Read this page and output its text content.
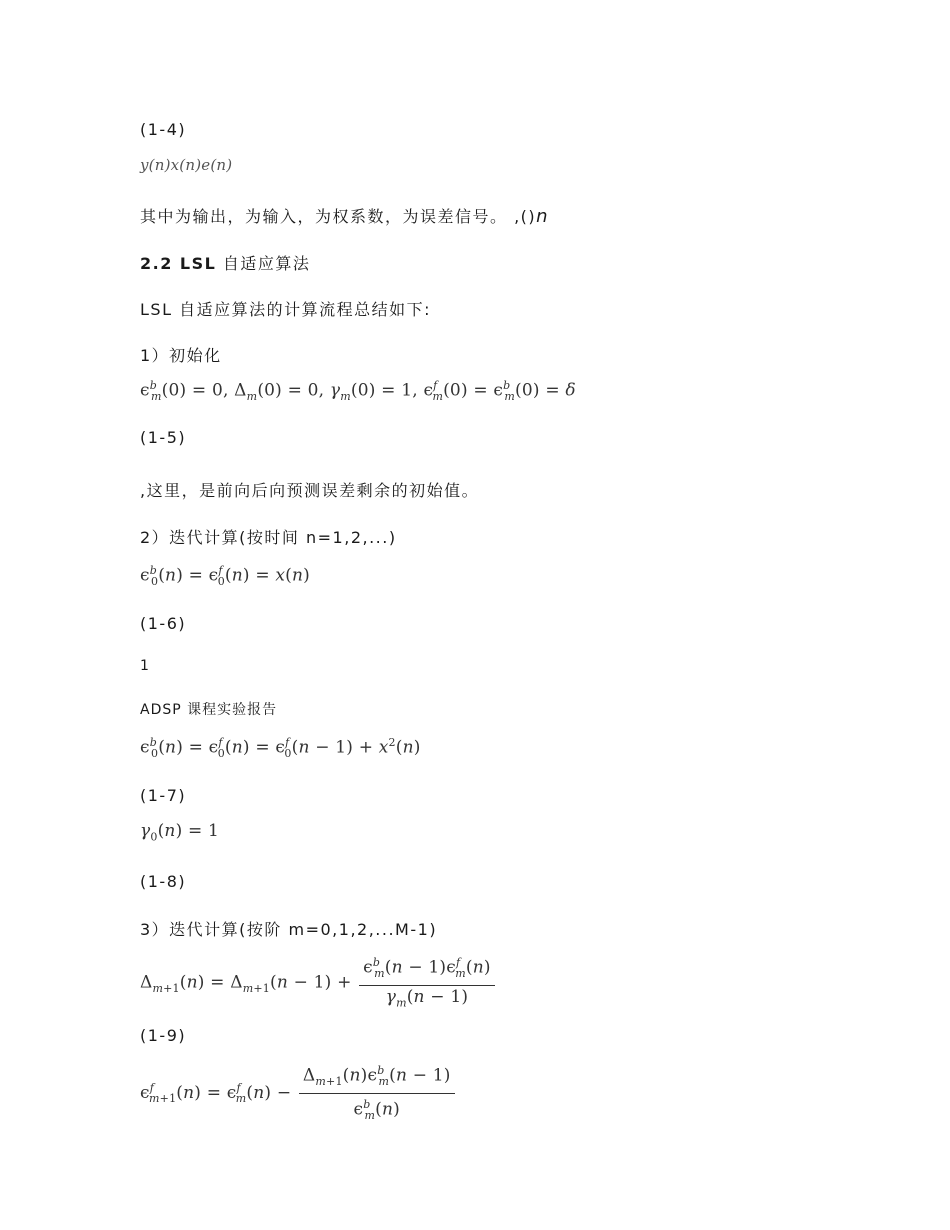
(1-4)
y(n)x(n)e(n)
其中为输出，为输入，为权系数，为误差信号。 ,()n
2.2 LSL 自适应算法
LSL 自适应算法的计算流程总结如下:
1）初始化
$\epsilon^b_m(0) = 0$, $\Delta_m(0) = 0$, $\gamma_m(0) = 1$, $\epsilon^f_m(0) = \epsilon^b_m(0) = \delta$
(1-5)
,这里，是前向后向预测误差剩余的初始值。
2）迭代计算(按时间 n=1,2,...)
$\epsilon^b_0(n) = \epsilon^f_0(n) = x(n)$
(1-6)
1
ADSP 课程实验报告
$\epsilon^b_0(n) = \epsilon^f_0(n) = \epsilon^f_0(n - 1) + x^2(n)$
(1-7)
$\gamma_0(n) = 1$
(1-8)
3）迭代计算(按阶 m=0,1,2,...M-1)
$\Delta_{m+1}(n) = \Delta_{m+1}(n - 1) + \frac{\epsilon^b_m(n - 1)\epsilon^f_m(n)}{\gamma_m(n - 1)}$
(1-9)
$\epsilon^f_{m+1}(n) = \epsilon^f_m(n) - \frac{\Delta_{m+1}(n)\epsilon^b_m(n - 1)}{\epsilon^b_m(n)}$
